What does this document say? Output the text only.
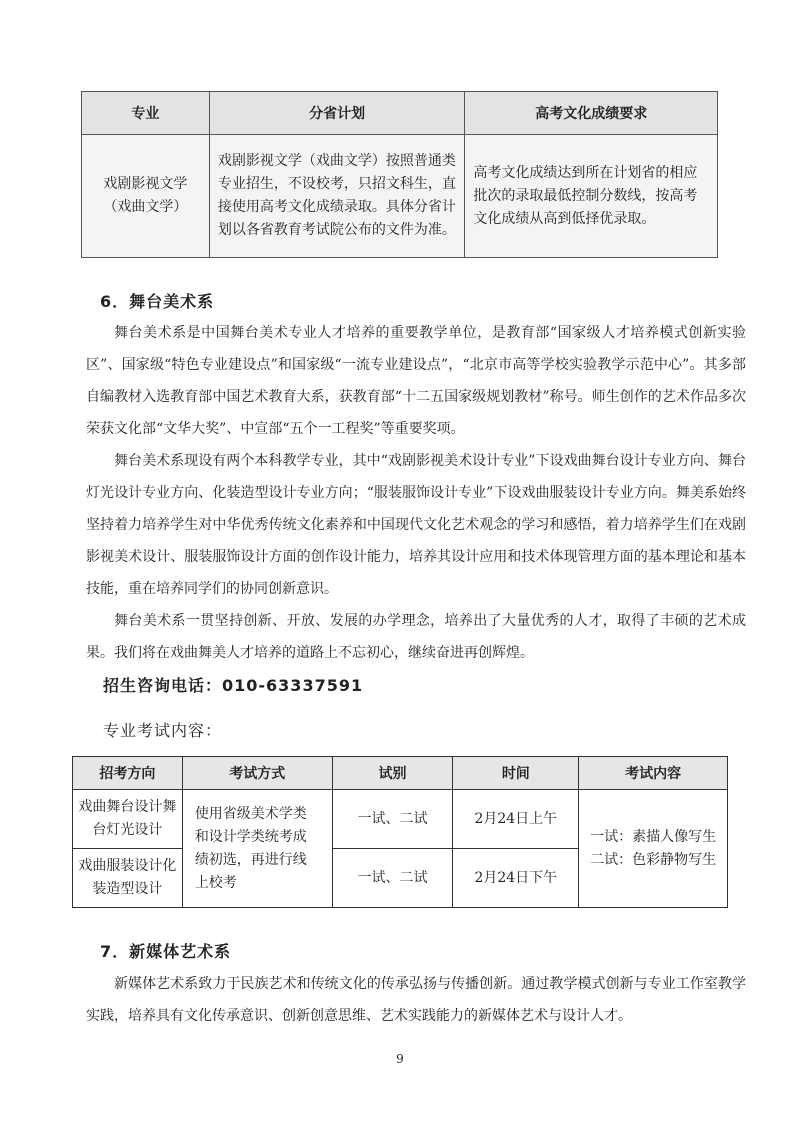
专业	分省计划	高考文化成绩要求
戏剧影视文学（戏曲文学）	戏剧影视文学（戏曲文学）按照普通类专业招生，不设校考，只招文科生，直接使用高考文化成绩录取。具体分省计划以各省教育考试院公布的文件为准。	高考文化成绩达到所在计划省的相应批次的录取最低控制分数线，按高考文化成绩从高到低择优录取。
6．舞台美术系

舞台美术系是中国舞台美术专业人才培养的重要教学单位，是教育部“国家级人才培养模式创新实验区”、国家级“特色专业建设点”和国家级“一流专业建设点”，“北京市高等学校实验教学示范中心”。其多部自编教材入选教育部中国艺术教育大系，获教育部“十二五国家级规划教材”称号。师生创作的艺术作品多次荣获文化部“文华大奖”、中宣部“五个一工程奖”等重要奖项。

舞台美术系现设有两个本科教学专业，其中“戏剧影视美术设计专业”下设戏曲舞台设计专业方向、舞台灯光设计专业方向、化装造型设计专业方向；“服装服饰设计专业”下设戏曲服装设计专业方向。舞美系始终坚持着力培养学生对中华优秀传统文化素养和中国现代文化艺术观念的学习和感悟，着力培养学生们在戏剧影视美术设计、服装服饰设计方面的创作设计能力，培养其设计应用和技术体现管理方面的基本理论和基本技能，重在培养同学们的协同创新意识。

舞台美术系一贯坚持创新、开放、发展的办学理念，培养出了大量优秀的人才，取得了丰硕的艺术成果。我们将在戏曲舞美人才培养的道路上不忘初心，继续奋进再创辉煌。

招生咨询电话：010-63337591
专业考试内容：
招考方向	考试方式	试别	时间	考试内容
戏曲舞台设计舞台灯光设计	使用省级美术学类和设计学类统考成绩初选，再进行线上校考	一试、二试	2月24日上午	一试：素描人像写生
二试：色彩静物写生

戏曲服装设计化装造型设计		一试、二试	2月24日下午	
7．新媒体艺术系

新媒体艺术系致力于民族艺术和传统文化的传承弘扬与传播创新。通过教学模式创新与专业工作室教学实践，培养具有文化传承意识、创新创意思维、艺术实践能力的新媒体艺术与设计人才。

9
